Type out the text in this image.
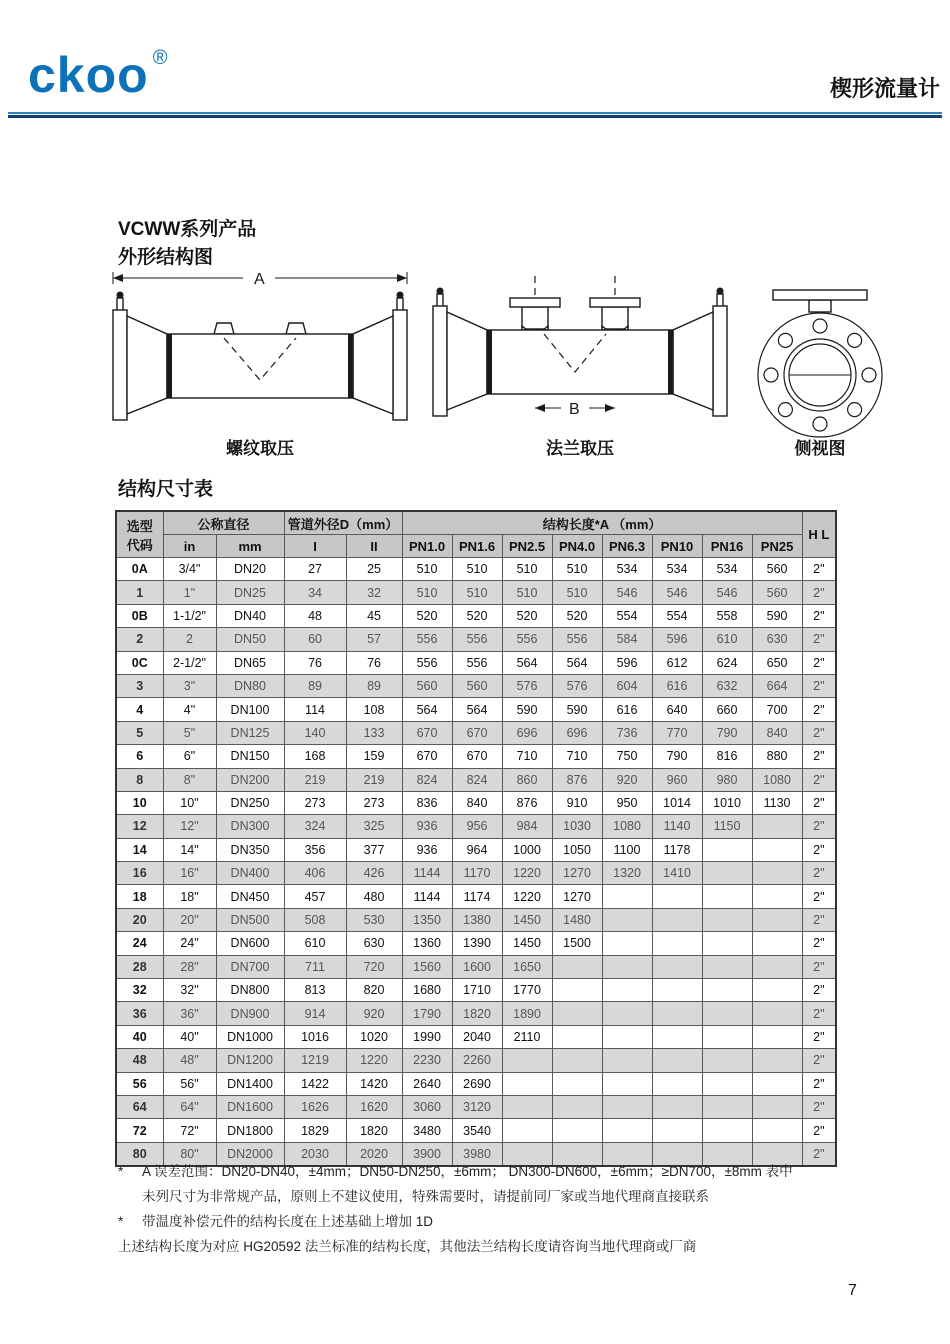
ckoo ®
楔形流量计
VCWW系列产品
外形结构图
A
螺纹取压
B
法兰取压	侧视图
结构尺寸表
选型
代码	公称直径		管道外径D（mm）		结构长度*A （mm）								H L
	in	mm	I	II	PN1.0	PN1.6	PN2.5	PN4.0	PN6.3	PN10	PN16	PN25	
0A	3/4"	DN20	27	25	510	510	510	510	534	534	534	560	2"
1	1"	DN25	34	32	510	510	510	510	546	546	546	560	2"
0B	1-1/2"	DN40	48	45	520	520	520	520	554	554	558	590	2"
2	2	DN50	60	57	556	556	556	556	584	596	610	630	2"
0C	2-1/2"	DN65	76	76	556	556	564	564	596	612	624	650	2"
3	3"	DN80	89	89	560	560	576	576	604	616	632	664	2"
4	4"	DN100	114	108	564	564	590	590	616	640	660	700	2"
5	5"	DN125	140	133	670	670	696	696	736	770	790	840	2"
6	6"	DN150	168	159	670	670	710	710	750	790	816	880	2"
8	8"	DN200	219	219	824	824	860	876	920	960	980	1080	2"
10	10"	DN250	273	273	836	840	876	910	950	1014	1010	1130	2"
12	12"	DN300	324	325	936	956	984	1030	1080	1140	1150		2"
14	14"	DN350	356	377	936	964	1000	1050	1100	1178			2"
16	16"	DN400	406	426	1144	1170	1220	1270	1320	1410			2"
18	18"	DN450	457	480	1144	1174	1220	1270					2"
20	20"	DN500	508	530	1350	1380	1450	1480					2"
24	24"	DN600	610	630	1360	1390	1450	1500					2"
28	28"	DN700	711	720	1560	1600	1650						2"
32	32"	DN800	813	820	1680	1710	1770						2"
36	36"	DN900	914	920	1790	1820	1890						2"
40	40"	DN1000	1016	1020	1990	2040	2110						2"
48	48"	DN1200	1219	1220	2230	2260							2"
56	56"	DN1400	1422	1420	2640	2690							2"
64	64"	DN1600	1626	1620	3060	3120							2"
72	72"	DN1800	1829	1820	3480	3540							2"
80	80"	DN2000	2030	2020	3900	3980							2"
*	A 误差范围：DN20-DN40，±4mm；DN50-DN250，±6mm； DN300-DN600，±6mm；≥DN700，±8mm 表中
未列尺寸为非常规产品，原则上不建议使用，特殊需要时，请提前同厂家或当地代理商直接联系
*	带温度补偿元件的结构长度在上述基础上增加 1D
上述结构长度为对应 HG20592 法兰标准的结构长度，其他法兰结构长度请咨询当地代理商或厂商
7
